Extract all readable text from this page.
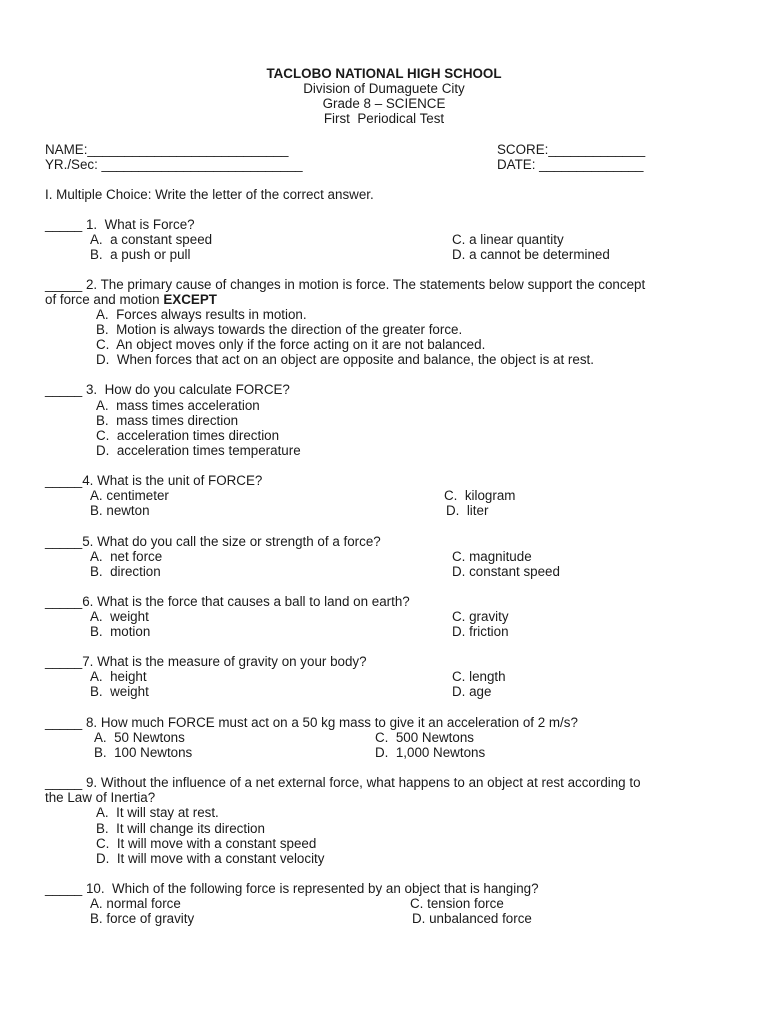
TACLOBO NATIONAL HIGH SCHOOL
Division of Dumaguete City
Grade 8 – SCIENCE
First  Periodical Test
NAME:___________________________	SCORE:_____________
YR./Sec: ___________________________	DATE: ______________
I. Multiple Choice: Write the letter of the correct answer.
_____ 1.  What is Force?
A.  a constant speed	C. a linear quantity
B.  a push or pull	D. a cannot be determined
_____ 2. The primary cause of changes in motion is force. The statements below support the concept
of force and motion EXCEPT
A.  Forces always results in motion.
B.  Motion is always towards the direction of the greater force.
C.  An object moves only if the force acting on it are not balanced.
D.  When forces that act on an object are opposite and balance, the object is at rest.
_____ 3.  How do you calculate FORCE?
A.  mass times acceleration
B.  mass times direction
C.  acceleration times direction
D.  acceleration times temperature
_____4. What is the unit of FORCE?
A. centimeter	C.  kilogram
B. newton	D.  liter
_____5. What do you call the size or strength of a force?
A.  net force	C. magnitude
B.  direction	D. constant speed
_____6. What is the force that causes a ball to land on earth?
A.  weight	C. gravity
B.  motion	D. friction
_____7. What is the measure of gravity on your body?
A.  height	C. length
B.  weight	D. age
_____ 8. How much FORCE must act on a 50 kg mass to give it an acceleration of 2 m/s?
A.  50 Newtons	C.  500 Newtons
B.  100 Newtons	D.  1,000 Newtons
_____ 9. Without the influence of a net external force, what happens to an object at rest according to
the Law of Inertia?
A.  It will stay at rest.
B.  It will change its direction
C.  It will move with a constant speed
D.  It will move with a constant velocity
_____ 10.  Which of the following force is represented by an object that is hanging?
A. normal force	C. tension force
B. force of gravity	D. unbalanced force
